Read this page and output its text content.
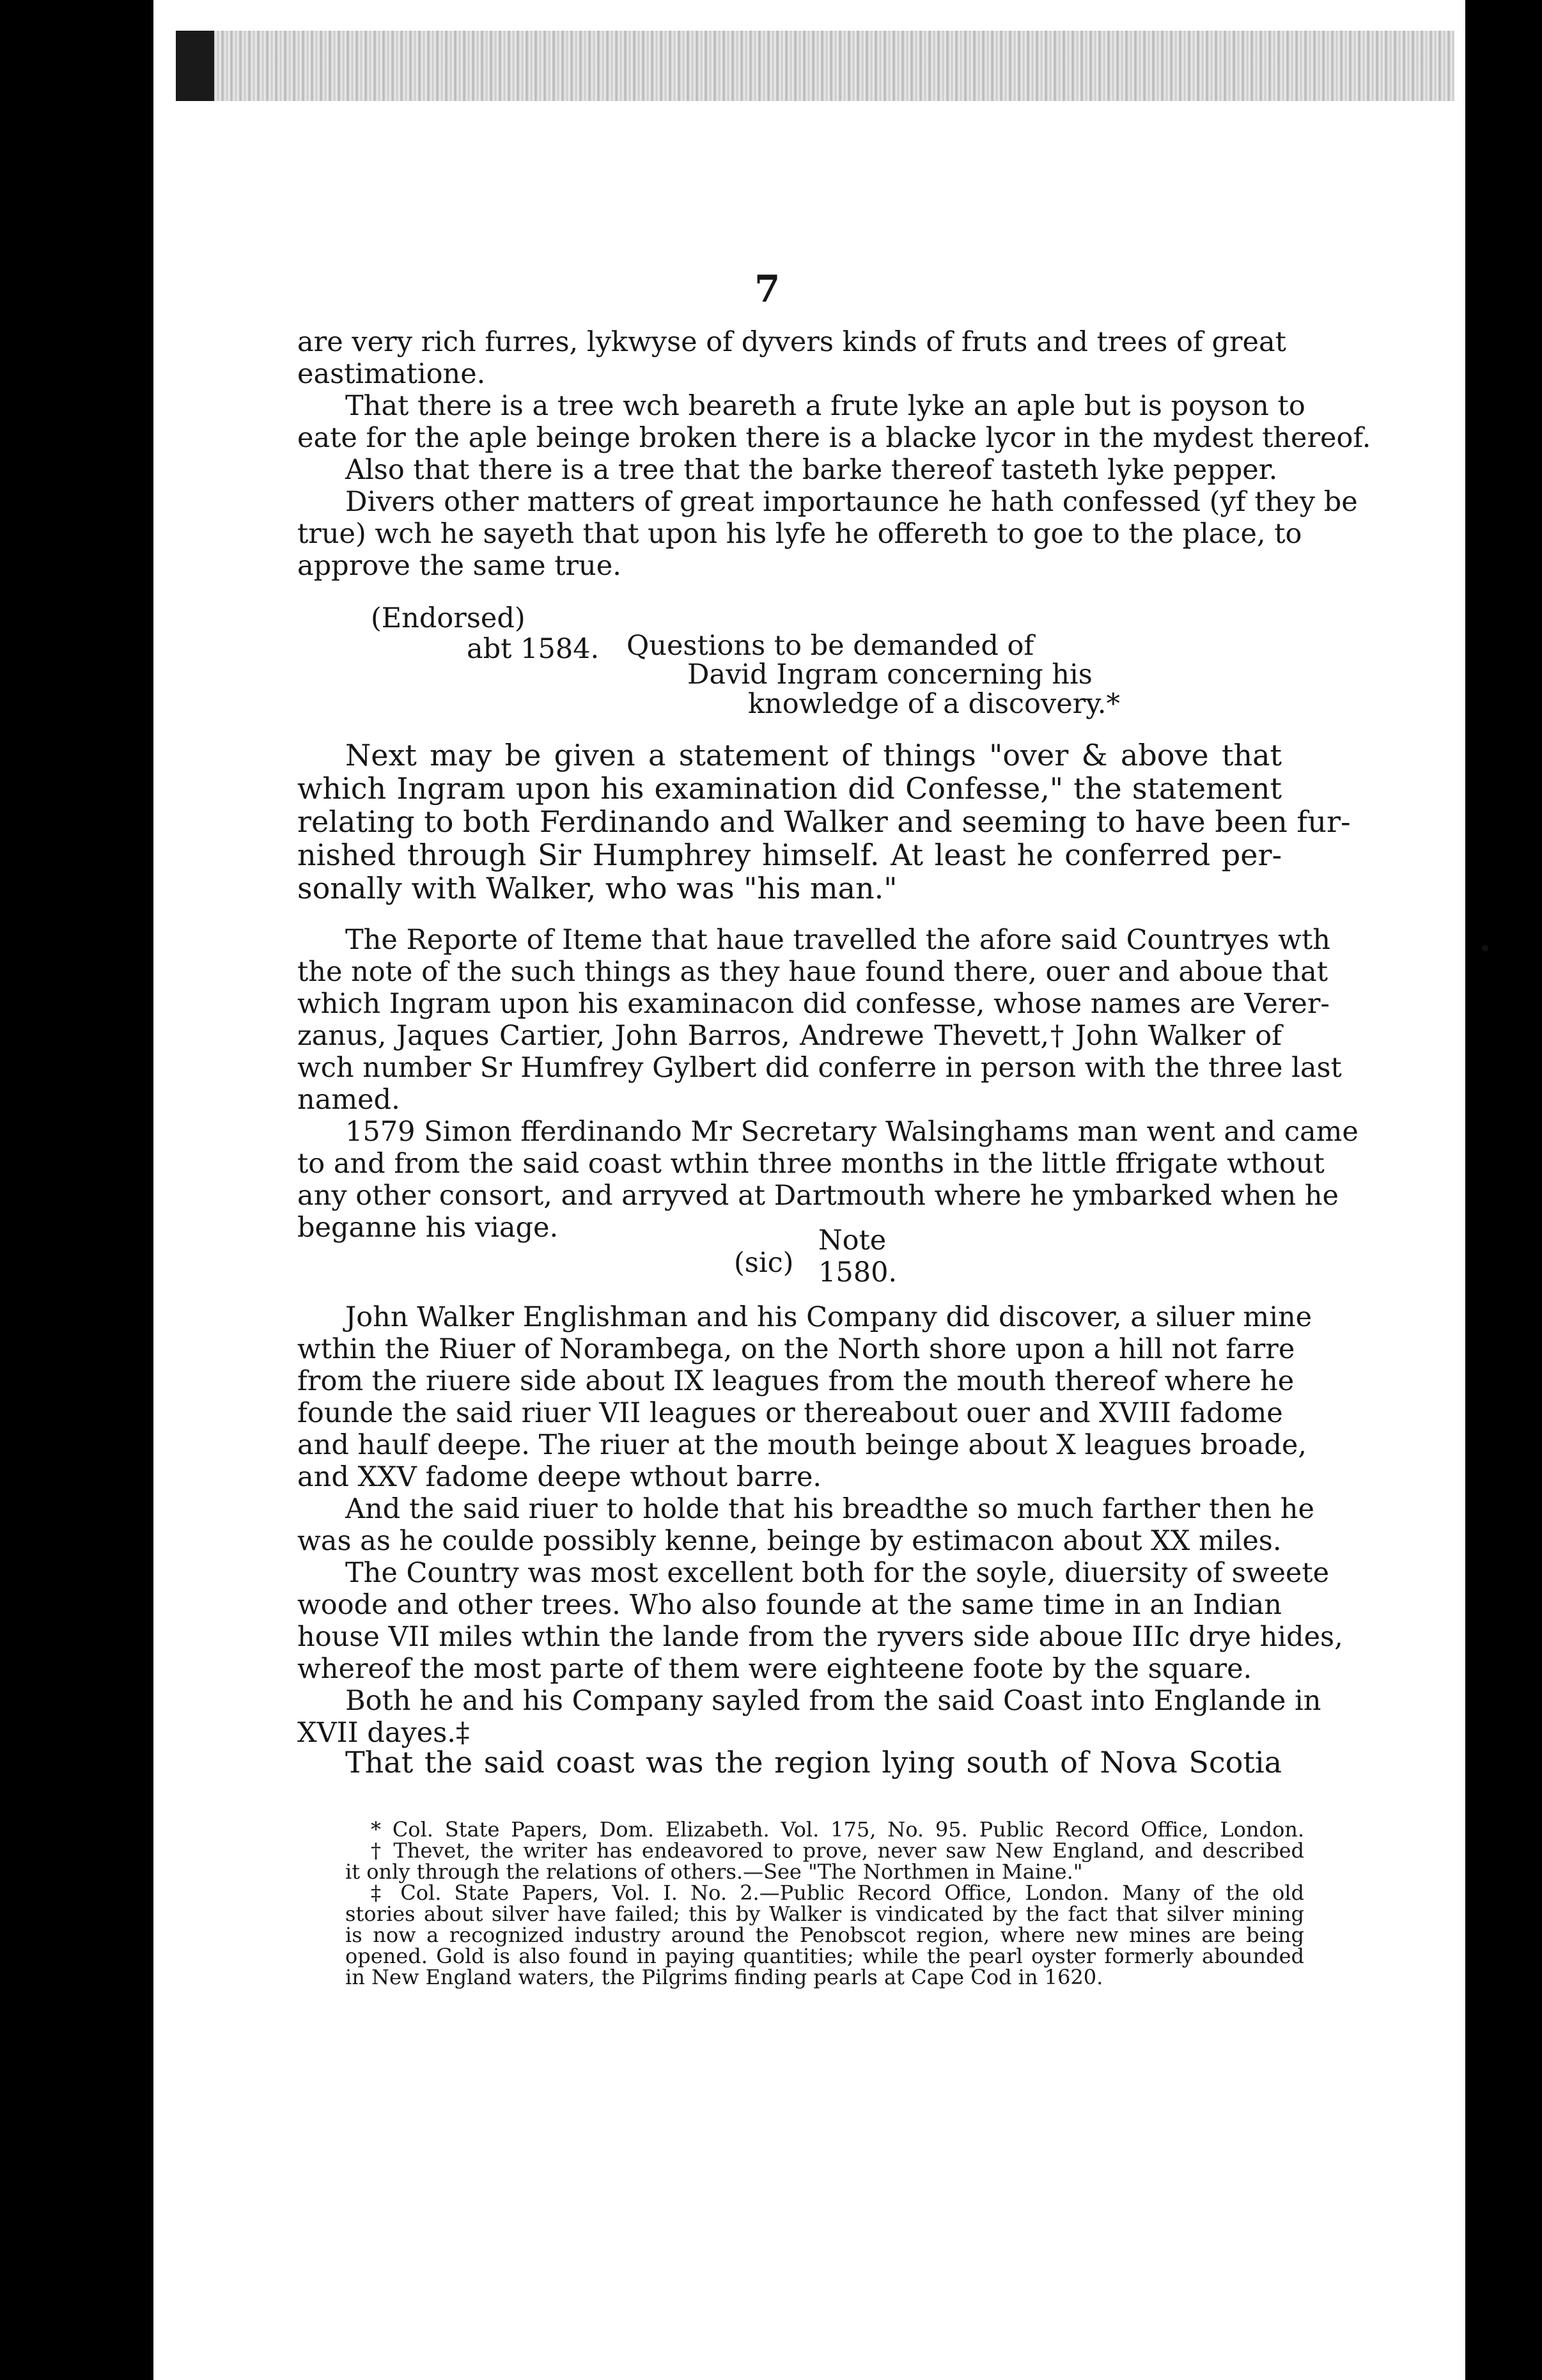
7
are very rich furres, lykwyse of dyvers kinds of fruts and trees of great
eastimatione.
That there is a tree wch beareth a frute lyke an aple but is poyson to
eate for the aple beinge broken there is a blacke lycor in the mydest thereof.
Also that there is a tree that the barke thereof tasteth lyke pepper.
Divers other matters of great importaunce he hath confessed (yf they be
true) wch he sayeth that upon his lyfe he offereth to goe to the place, to
approve the same true.
(Endorsed)
abt 1584. Questions to be demanded of
David Ingram concerning his
knowledge of a discovery.*
Next may be given a statement of things "over & above that
which Ingram upon his examination did Confesse," the statement
relating to both Ferdinando and Walker and seeming to have been fur-
nished through Sir Humphrey himself. At least he conferred per-
sonally with Walker, who was "his man."
The Reporte of Iteme that haue travelled the afore said Countryes wth
the note of the such things as they haue found there, ouer and aboue that
which Ingram upon his examinacon did confesse, whose names are Verer-
zanus, Jaques Cartier, John Barros, Andrewe Thevett,† John Walker of
wch number Sr Humfrey Gylbert did conferre in person with the three last
named.
1579 Simon fferdinando Mr Secretary Walsinghams man went and came
to and from the said coast wthin three months in the little ffrigate wthout
any other consort, and arryved at Dartmouth where he ymbarked when he
beganne his viage.
(sic)
Note
1580.
John Walker Englishman and his Company did discover, a siluer mine
wthin the Riuer of Norambega, on the North shore upon a hill not farre
from the riuere side about IX leagues from the mouth thereof where he
founde the said riuer VII leagues or thereabout ouer and XVIII fadome
and haulf deepe. The riuer at the mouth beinge about X leagues broade,
and XXV fadome deepe wthout barre.
And the said riuer to holde that his breadthe so much farther then he
was as he coulde possibly kenne, beinge by estimacon about XX miles.
The Country was most excellent both for the soyle, diuersity of sweete
woode and other trees. Who also founde at the same time in an Indian
house VII miles wthin the lande from the ryvers side aboue IIIc drye hides,
whereof the most parte of them were eighteene foote by the square.
Both he and his Company sayled from the said Coast into Englande in
XVII dayes.‡
That the said coast was the region lying south of Nova Scotia
* Col. State Papers, Dom. Elizabeth. Vol. 175, No. 95. Public Record Office, London.
† Thevet, the writer has endeavored to prove, never saw New England, and described
it only through the relations of others.—See "The Northmen in Maine."
‡ Col. State Papers, Vol. I. No. 2.—Public Record Office, London. Many of the old
stories about silver have failed; this by Walker is vindicated by the fact that silver mining
is now a recognized industry around the Penobscot region, where new mines are being
opened. Gold is also found in paying quantities; while the pearl oyster formerly abounded
in New England waters, the Pilgrims finding pearls at Cape Cod in 1620.
